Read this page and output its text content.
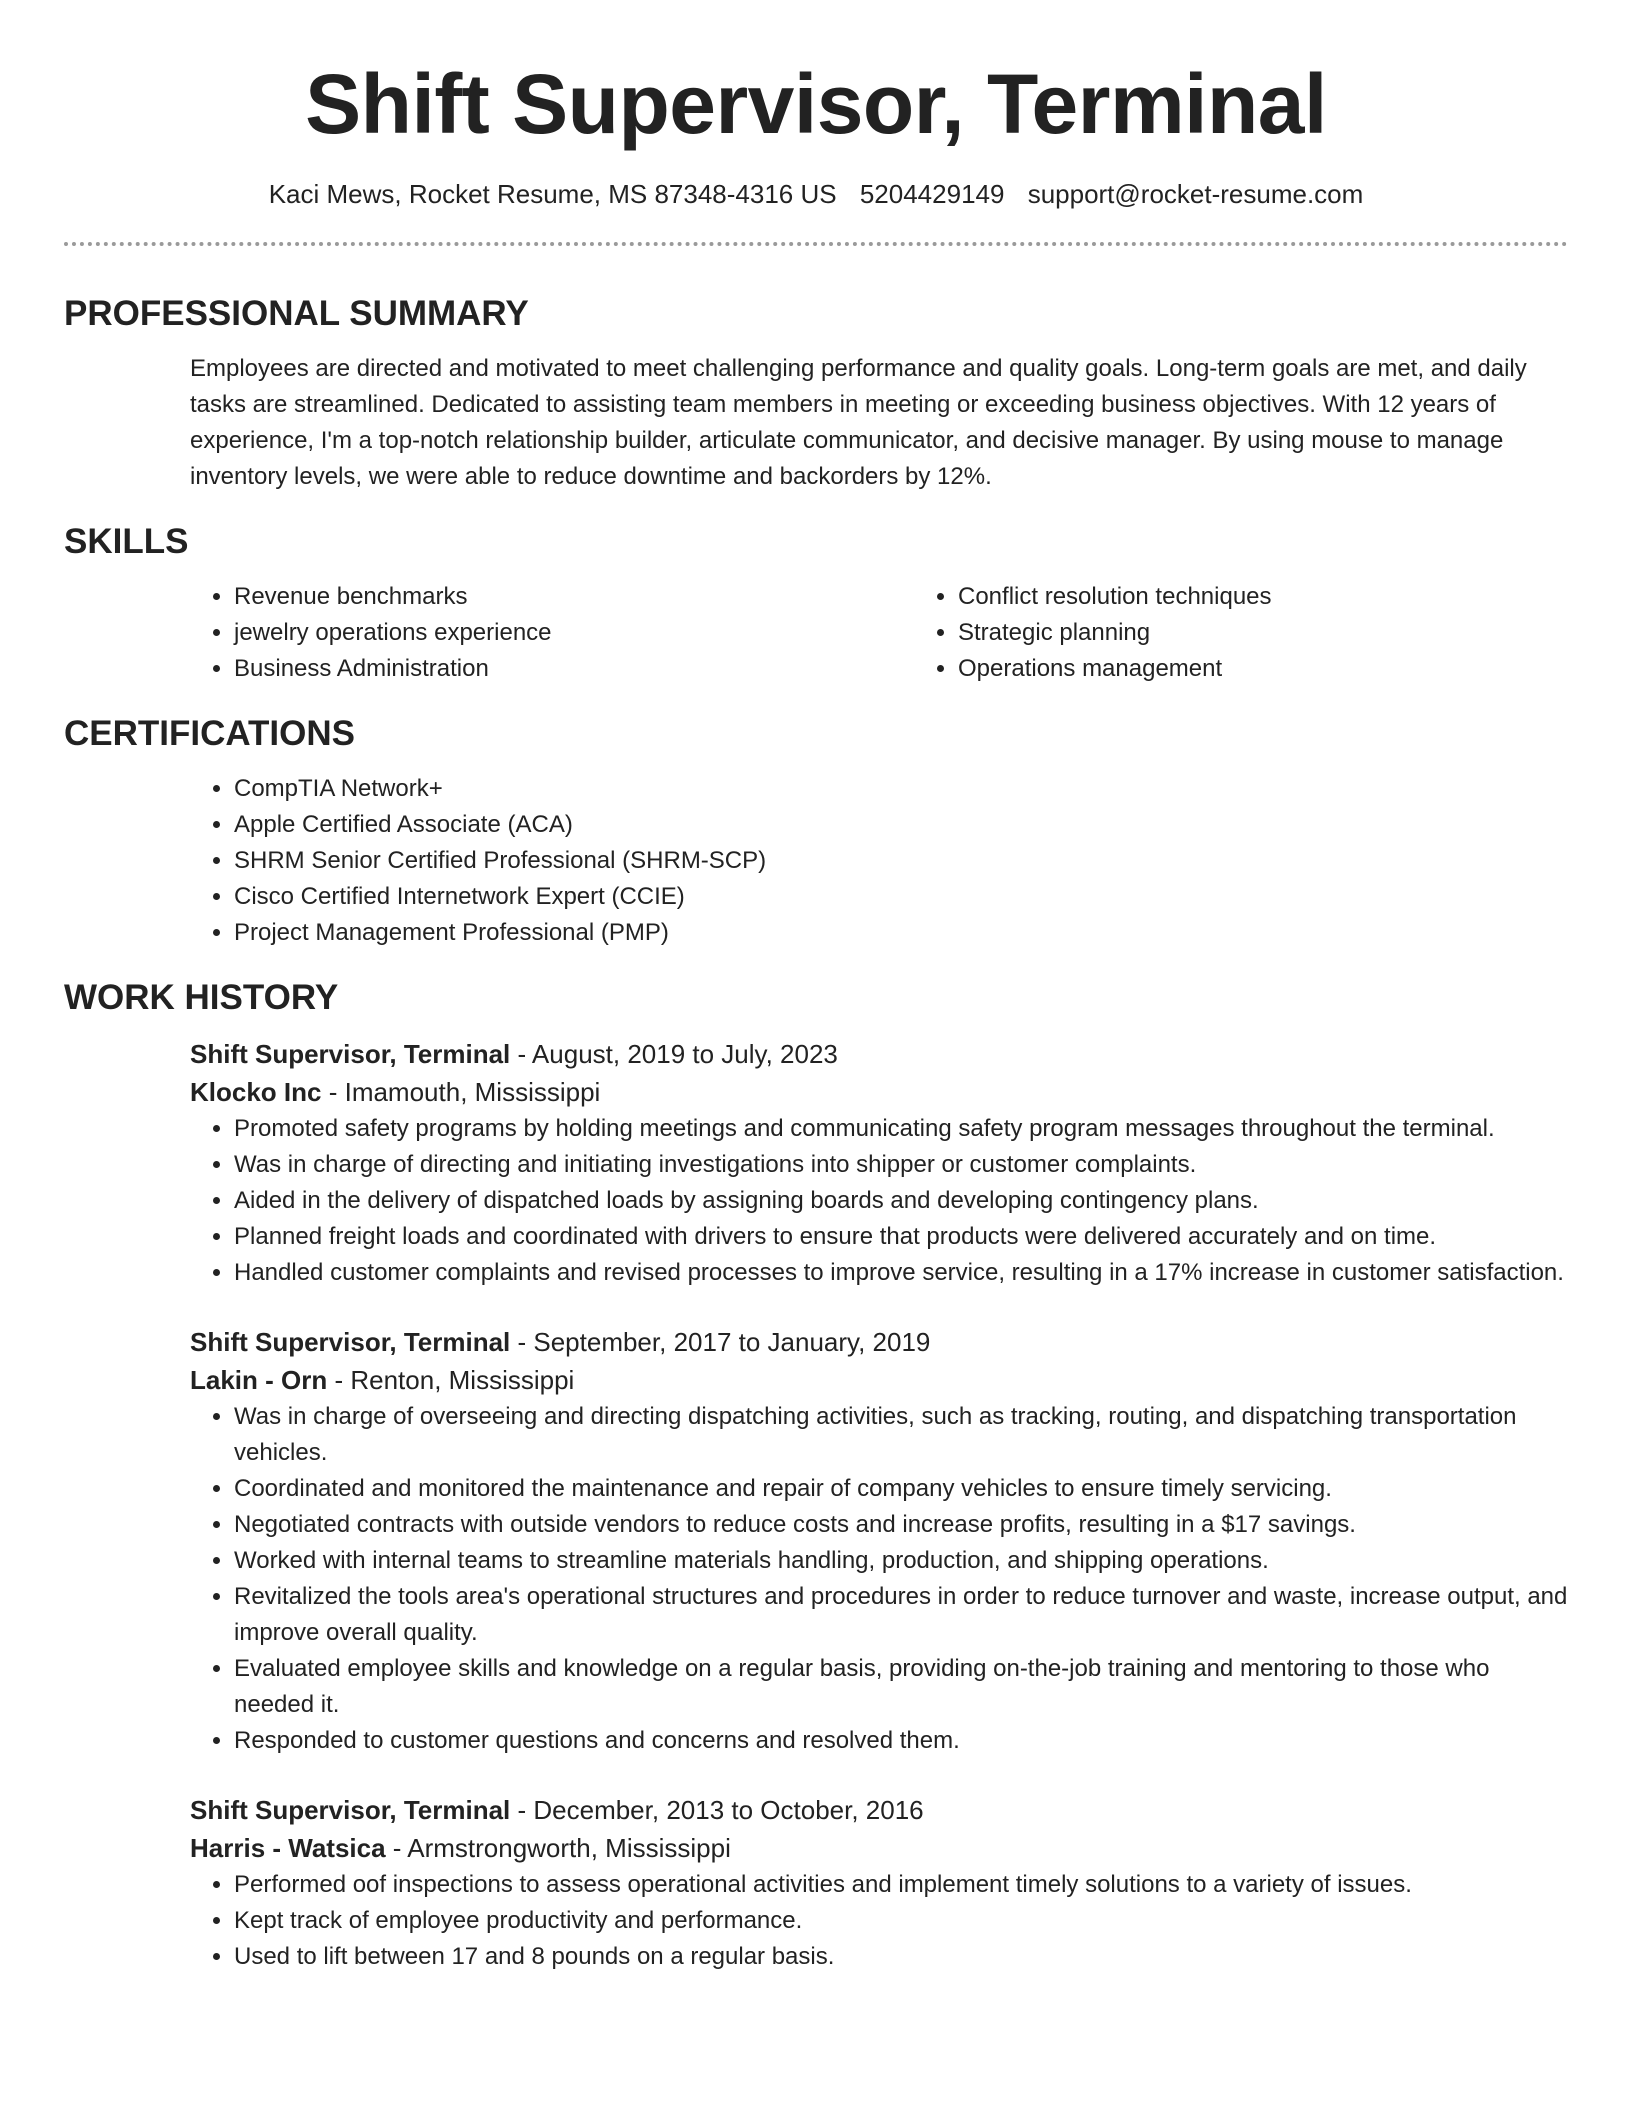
Shift Supervisor, Terminal
Kaci Mews, Rocket Resume, MS 87348-4316 US 5204429149 support@rocket-resume.com
PROFESSIONAL SUMMARY

Employees are directed and motivated to meet challenging performance and quality goals. Long-term goals are met, and daily tasks are streamlined. Dedicated to assisting team members in meeting or exceeding business objectives. With 12 years of experience, I'm a top-notch relationship builder, articulate communicator, and decisive manager. By using mouse to manage inventory levels, we were able to reduce downtime and backorders by 12%.

SKILLS
• Revenue benchmarks
• jewelry operations experience
• Business Administration
• Conflict resolution techniques
• Strategic planning
• Operations management
CERTIFICATIONS
• CompTIA Network+
• Apple Certified Associate (ACA)
• SHRM Senior Certified Professional (SHRM-SCP)
• Cisco Certified Internetwork Expert (CCIE)
• Project Management Professional (PMP)
WORK HISTORY
Shift Supervisor, Terminal - August, 2019 to July, 2023
Klocko Inc - Imamouth, Mississippi
• Promoted safety programs by holding meetings and communicating safety program messages throughout the terminal.
• Was in charge of directing and initiating investigations into shipper or customer complaints.
• Aided in the delivery of dispatched loads by assigning boards and developing contingency plans.
• Planned freight loads and coordinated with drivers to ensure that products were delivered accurately and on time.
• Handled customer complaints and revised processes to improve service, resulting in a 17% increase in customer satisfaction.
Shift Supervisor, Terminal - September, 2017 to January, 2019
Lakin - Orn - Renton, Mississippi
• Was in charge of overseeing and directing dispatching activities, such as tracking, routing, and dispatching transportation vehicles.
• Coordinated and monitored the maintenance and repair of company vehicles to ensure timely servicing.
• Negotiated contracts with outside vendors to reduce costs and increase profits, resulting in a $17 savings.
• Worked with internal teams to streamline materials handling, production, and shipping operations.
• Revitalized the tools area's operational structures and procedures in order to reduce turnover and waste, increase output, and improve overall quality.
• Evaluated employee skills and knowledge on a regular basis, providing on-the-job training and mentoring to those who needed it.
• Responded to customer questions and concerns and resolved them.
Shift Supervisor, Terminal - December, 2013 to October, 2016
Harris - Watsica - Armstrongworth, Mississippi
• Performed oof inspections to assess operational activities and implement timely solutions to a variety of issues.
• Kept track of employee productivity and performance.
• Used to lift between 17 and 8 pounds on a regular basis.
